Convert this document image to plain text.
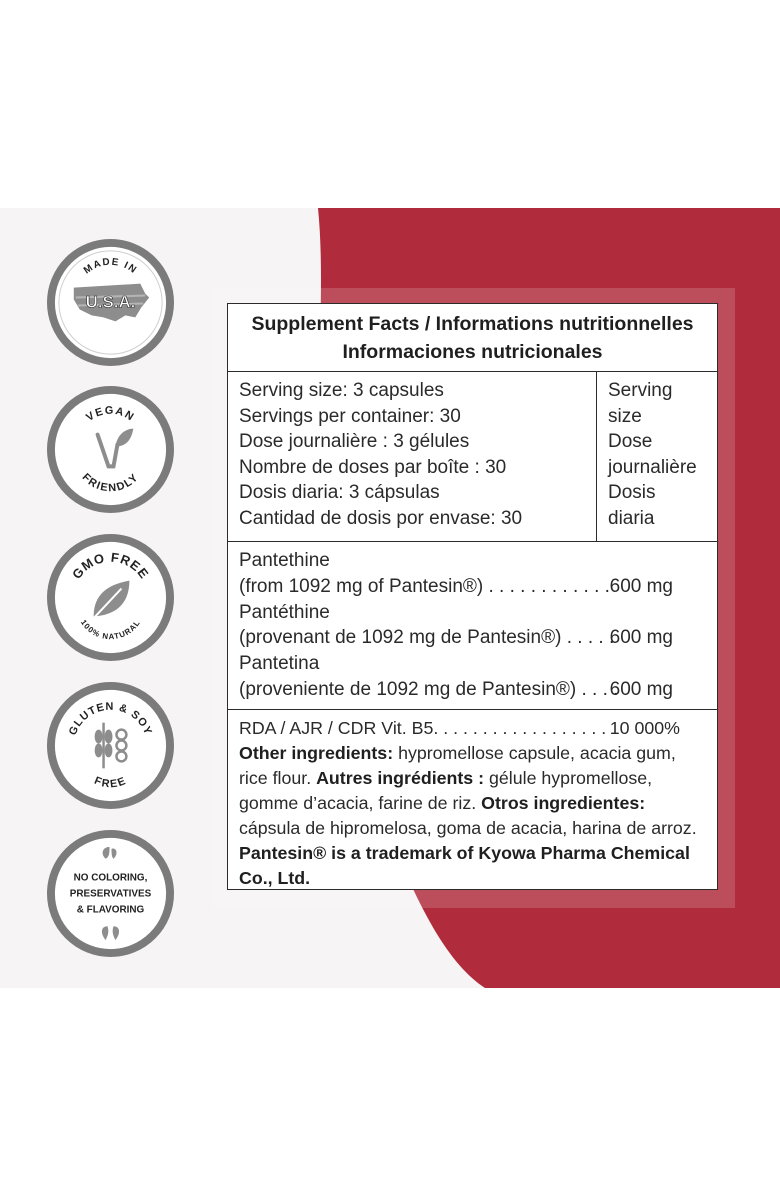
MADE IN
U.S.A.
VEGAN
FRIENDLY
GMO FREE
100% NATURAL
GLUTEN & SOY
FREE
NO COLORING,
PRESERVATIVES
& FLAVORING
Supplement Facts / Informations nutritionnelles
Informaciones nutricionales
Serving size: 3 capsules
Servings per container: 30
Dose journalière : 3 gélules
Nombre de doses par boîte : 30
Dosis diaria: 3 cápsulas
Cantidad de dosis por envase: 30
Serving
size
Dose
journalière
Dosis
diaria
Pantethine
(from 1092 mg of Pantesin®) . . . . . . . . . . . . 600 mg
Pantéthine
(provenant de 1092 mg de Pantesin®) . . . . .
600 mg
Pantetina
(proveniente de 1092 mg de Pantesin®) . . . .
600 mg
RDA / AJR / CDR Vit. B5. . . . . . . . . . . . . . . . . . 10 000%
Other ingredients: hypromellose capsule, acacia gum, rice flour. Autres ingrédients : gélule hypromellose, gomme d’acacia, farine de riz. Otros ingredientes: cápsula de hipromelosa, goma de acacia, harina de arroz.
Pantesin® is a trademark of Kyowa Pharma Chemical Co., Ltd.
